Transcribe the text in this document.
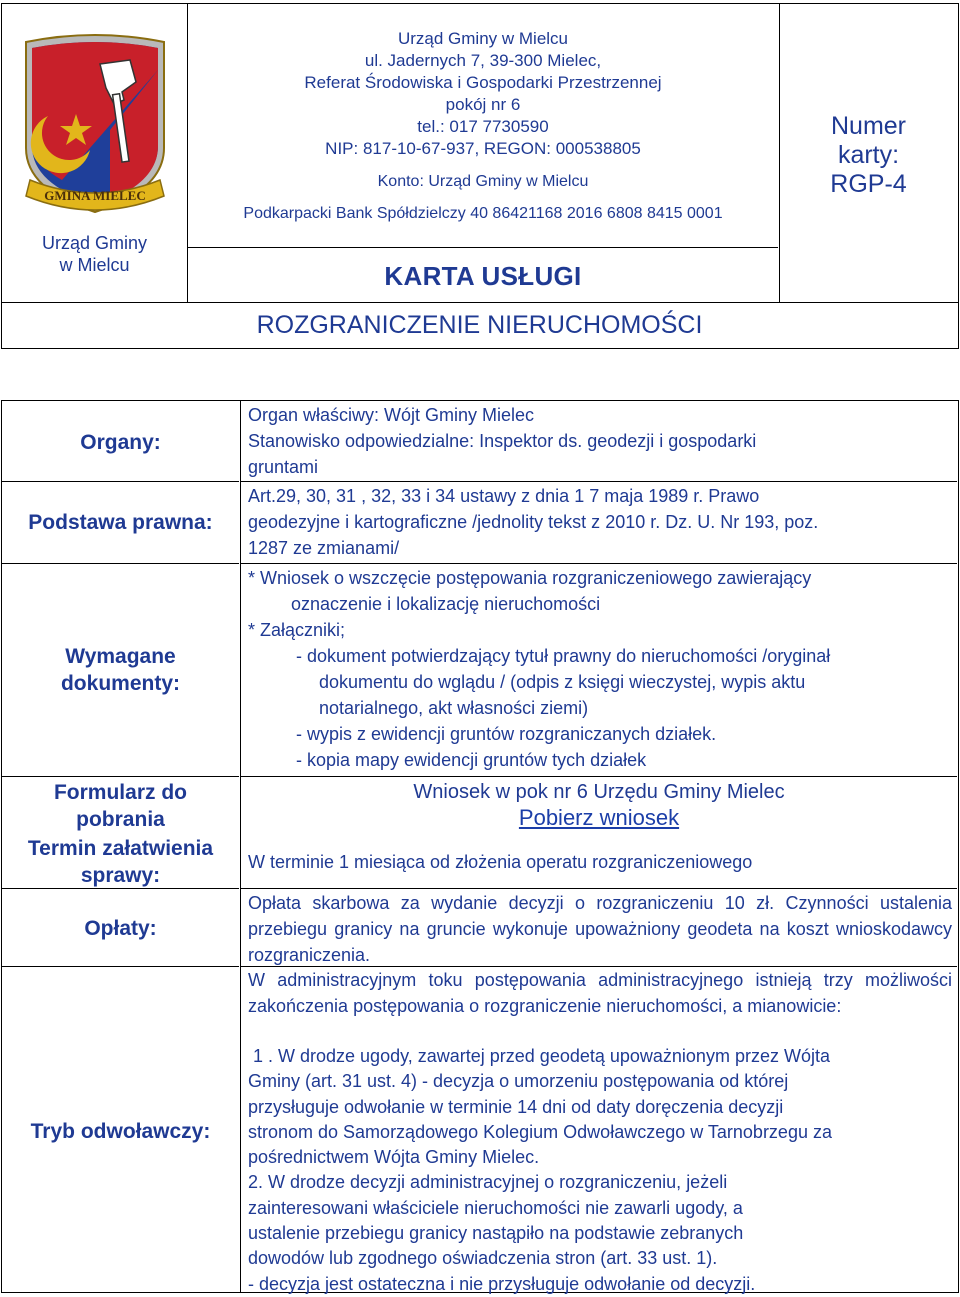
GMINA MIELEC
Urząd Gminy
w Mielcu
Urząd Gminy w Mielcu
ul. Jadernych 7, 39-300 Mielec,
Referat Środowiska i Gospodarki Przestrzennej
pokój nr 6
tel.: 017 7730590
NIP: 817-10-67-937, REGON: 000538805
Konto: Urząd Gminy w Mielcu
Podkarpacki Bank Spółdzielczy 40 86421168 2016 6808 8415 0001
KARTA USŁUGI
Numer
karty:
RGP-4
ROZGRANICZENIE NIERUCHOMOŚCI
Organy:
Podstawa prawna:
Wymagane
dokumenty:
Formularz do
pobrania
Termin załatwienia
sprawy:
Opłaty:
Tryb odwoławczy:
Organ właściwy: Wójt Gminy Mielec
Stanowisko odpowiedzialne: Inspektor ds. geodezji i gospodarki
gruntami
Art.29, 30, 31 , 32, 33 i 34 ustawy z dnia 1 7 maja 1989 r. Prawo
geodezyjne i kartograficzne /jednolity tekst z 2010 r. Dz. U. Nr 193, poz.
1287 ze zmianami/
* Wniosek o wszczęcie postępowania rozgraniczeniowego zawierający
oznaczenie i lokalizację nieruchomości
* Załączniki;
- dokument potwierdzający tytuł prawny do nieruchomości /oryginał
dokumentu do wglądu / (odpis z księgi wieczystej, wypis aktu
notarialnego, akt własności ziemi)
- wypis z ewidencji gruntów rozgraniczanych działek.
- kopia mapy ewidencji gruntów tych działek
Wniosek w pok nr 6 Urzędu Gminy Mielec
Pobierz wniosek
W terminie 1 miesiąca od złożenia operatu rozgraniczeniowego
Opłata skarbowa za wydanie decyzji o rozgraniczeniu 10 zł. Czynności ustalenia przebiegu granicy na gruncie wykonuje upoważniony geodeta na koszt wnioskodawcy rozgraniczenia.
W administracyjnym toku postępowania administracyjnego istnieją trzy możliwości zakończenia postępowania o rozgraniczenie nieruchomości, a mianowicie:
1 . W drodze ugody, zawartej przed geodetą upoważnionym przez Wójta
Gminy (art. 31 ust. 4) - decyzja o umorzeniu postępowania od której
przysługuje odwołanie w terminie 14 dni od daty doręczenia decyzji
stronom do Samorządowego Kolegium Odwoławczego w Tarnobrzegu za
pośrednictwem Wójta Gminy Mielec.
2. W drodze decyzji administracyjnej o rozgraniczeniu, jeżeli
zainteresowani właściciele nieruchomości nie zawarli ugody, a
ustalenie przebiegu granicy nastąpiło na podstawie zebranych
dowodów lub zgodnego oświadczenia stron (art. 33 ust. 1).
- decyzja jest ostateczna i nie przysługuje odwołanie od decyzji.
